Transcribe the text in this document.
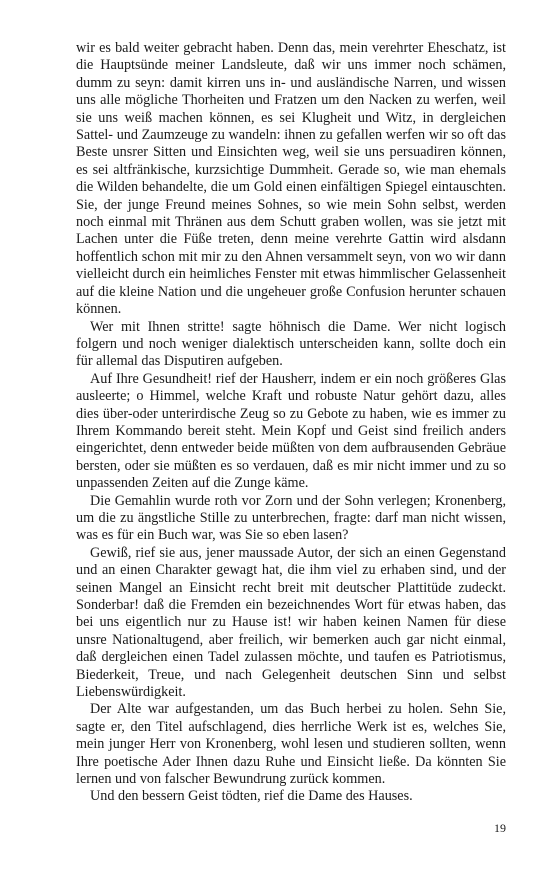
wir es bald weiter gebracht haben. Denn das, mein verehrter Eheschatz, ist die Hauptsünde meiner Landsleute, daß wir uns immer noch schämen, dumm zu seyn: damit kirren uns in- und ausländische Narren, und wissen uns alle mögliche Thorheiten und Fratzen um den Nacken zu werfen, weil sie uns weiß machen können, es sei Klugheit und Witz, in dergleichen Sattel- und Zaumzeuge zu wandeln: ihnen zu gefallen werfen wir so oft das Beste unsrer Sitten und Einsichten weg, weil sie uns persuadiren können, es sei altfränkische, kurzsichtige Dummheit. Gerade so, wie man ehemals die Wilden behandelte, die um Gold einen einfältigen Spiegel eintauschten. Sie, der junge Freund meines Sohnes, so wie mein Sohn selbst, werden noch einmal mit Thränen aus dem Schutt graben wollen, was sie jetzt mit Lachen unter die Füße treten, denn meine verehrte Gattin wird alsdann hoffentlich schon mit mir zu den Ahnen versammelt seyn, von wo wir dann vielleicht durch ein heimliches Fenster mit etwas himmlischer Gelassenheit auf die kleine Nation und die ungeheuer große Confusion herunter schauen können.

Wer mit Ihnen stritte! sagte höhnisch die Dame. Wer nicht logisch folgern und noch weniger dialektisch unterscheiden kann, sollte doch ein für allemal das Disputiren aufgeben.

Auf Ihre Gesundheit! rief der Hausherr, indem er ein noch größeres Glas ausleerte; o Himmel, welche Kraft und robuste Natur gehört dazu, alles dies über-oder unterirdische Zeug so zu Gebote zu haben, wie es immer zu Ihrem Kommando bereit steht. Mein Kopf und Geist sind freilich anders eingerichtet, denn entweder beide müßten von dem aufbrausenden Gebräue bersten, oder sie müßten es so verdauen, daß es mir nicht immer und zu so unpassenden Zeiten auf die Zunge käme.

Die Gemahlin wurde roth vor Zorn und der Sohn verlegen; Kronenberg, um die zu ängstliche Stille zu unterbrechen, fragte: darf man nicht wissen, was es für ein Buch war, was Sie so eben lasen?

Gewiß, rief sie aus, jener maussade Autor, der sich an einen Gegenstand und an einen Charakter gewagt hat, die ihm viel zu erhaben sind, und der seinen Mangel an Einsicht recht breit mit deutscher Plattitüde zudeckt. Sonderbar! daß die Fremden ein bezeichnendes Wort für etwas haben, das bei uns eigentlich nur zu Hause ist! wir haben keinen Namen für diese unsre Nationaltugend, aber freilich, wir bemerken auch gar nicht einmal, daß dergleichen einen Tadel zulassen möchte, und taufen es Patriotismus, Biederkeit, Treue, und nach Gelegenheit deutschen Sinn und selbst Liebenswürdigkeit.

Der Alte war aufgestanden, um das Buch herbei zu holen. Sehn Sie, sagte er, den Titel aufschlagend, dies herrliche Werk ist es, welches Sie, mein junger Herr von Kronenberg, wohl lesen und studieren sollten, wenn Ihre poetische Ader Ihnen dazu Ruhe und Einsicht ließe. Da könnten Sie lernen und von falscher Bewundrung zurück kommen.

Und den bessern Geist tödten, rief die Dame des Hauses.

19
